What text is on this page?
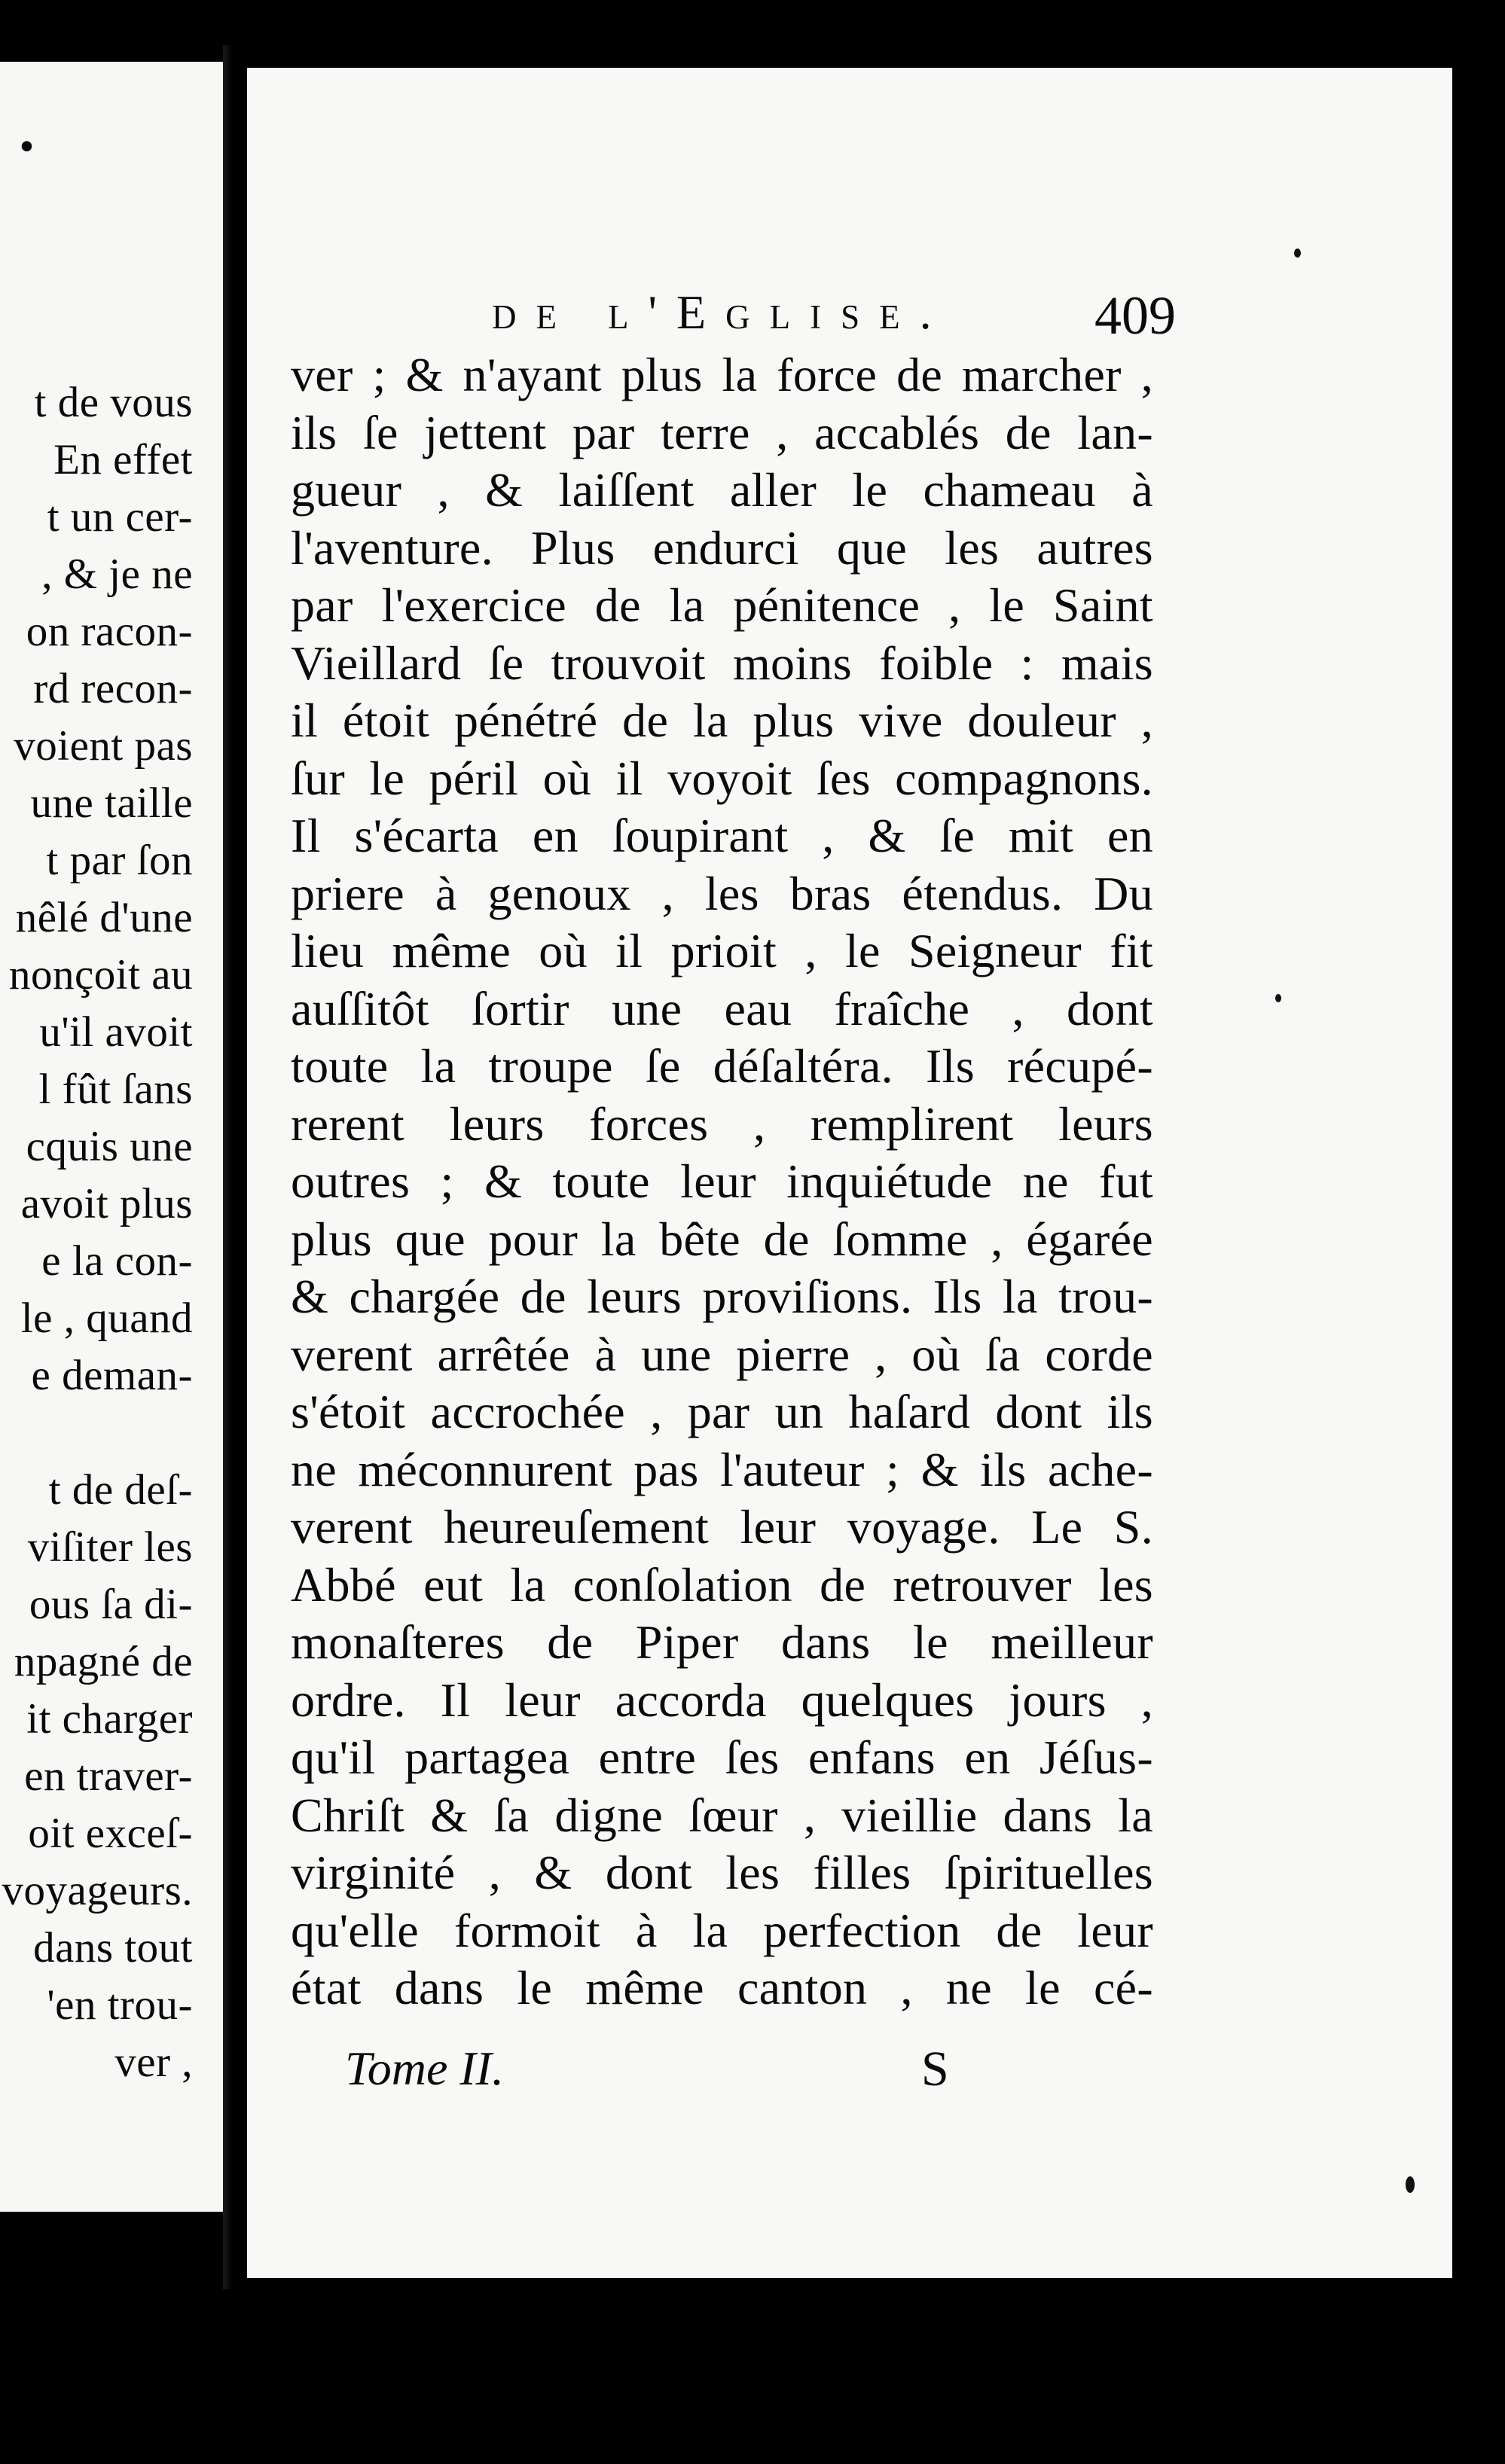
•
t de vous
En effet
t un cer-
, & je ne
on racon-
rd recon-
voient pas
une taille
t par ſon
nêlé d'une
nonçoit au
u'il avoit
l fût ſans
cquis une
avoit plus
e la con-
le , quand
e deman-
t de deſ-
viſiter les
ous ſa di-
npagné de
it charger
en traver-
oit exceſ-
voyageurs.
dans tout
'en trou-
ver ,
de l'Egliſe.	409
ver ; & n'ayant plus la force de marcher ,
ils ſe jettent par terre , accablés de lan-
gueur , & laiſſent aller le chameau à
l'aventure. Plus endurci que les autres
par l'exercice de la pénitence , le Saint
Vieillard ſe trouvoit moins foible : mais
il étoit pénétré de la plus vive douleur ,
ſur le péril où il voyoit ſes compagnons.
Il s'écarta en ſoupirant , & ſe mit en
priere à genoux , les bras étendus. Du
lieu même où il prioit , le Seigneur fit
auſſitôt ſortir une eau fraîche , dont
toute la troupe ſe déſaltéra. Ils récupé-
rerent leurs forces , remplirent leurs
outres ; & toute leur inquiétude ne fut
plus que pour la bête de ſomme , égarée
& chargée de leurs proviſions. Ils la trou-
verent arrêtée à une pierre , où ſa corde
s'étoit accrochée , par un haſard dont ils
ne méconnurent pas l'auteur ; & ils ache-
verent heureuſement leur voyage. Le S.
Abbé eut la conſolation de retrouver les
monaſteres de Piper dans le meilleur
ordre. Il leur accorda quelques jours ,
qu'il partagea entre ſes enfans en Jéſus-
Chriſt & ſa digne ſœur , vieillie dans la
virginité , & dont les filles ſpirituelles
qu'elle formoit à la perfection de leur
état dans le même canton , ne le cé-
Tome II.	S
